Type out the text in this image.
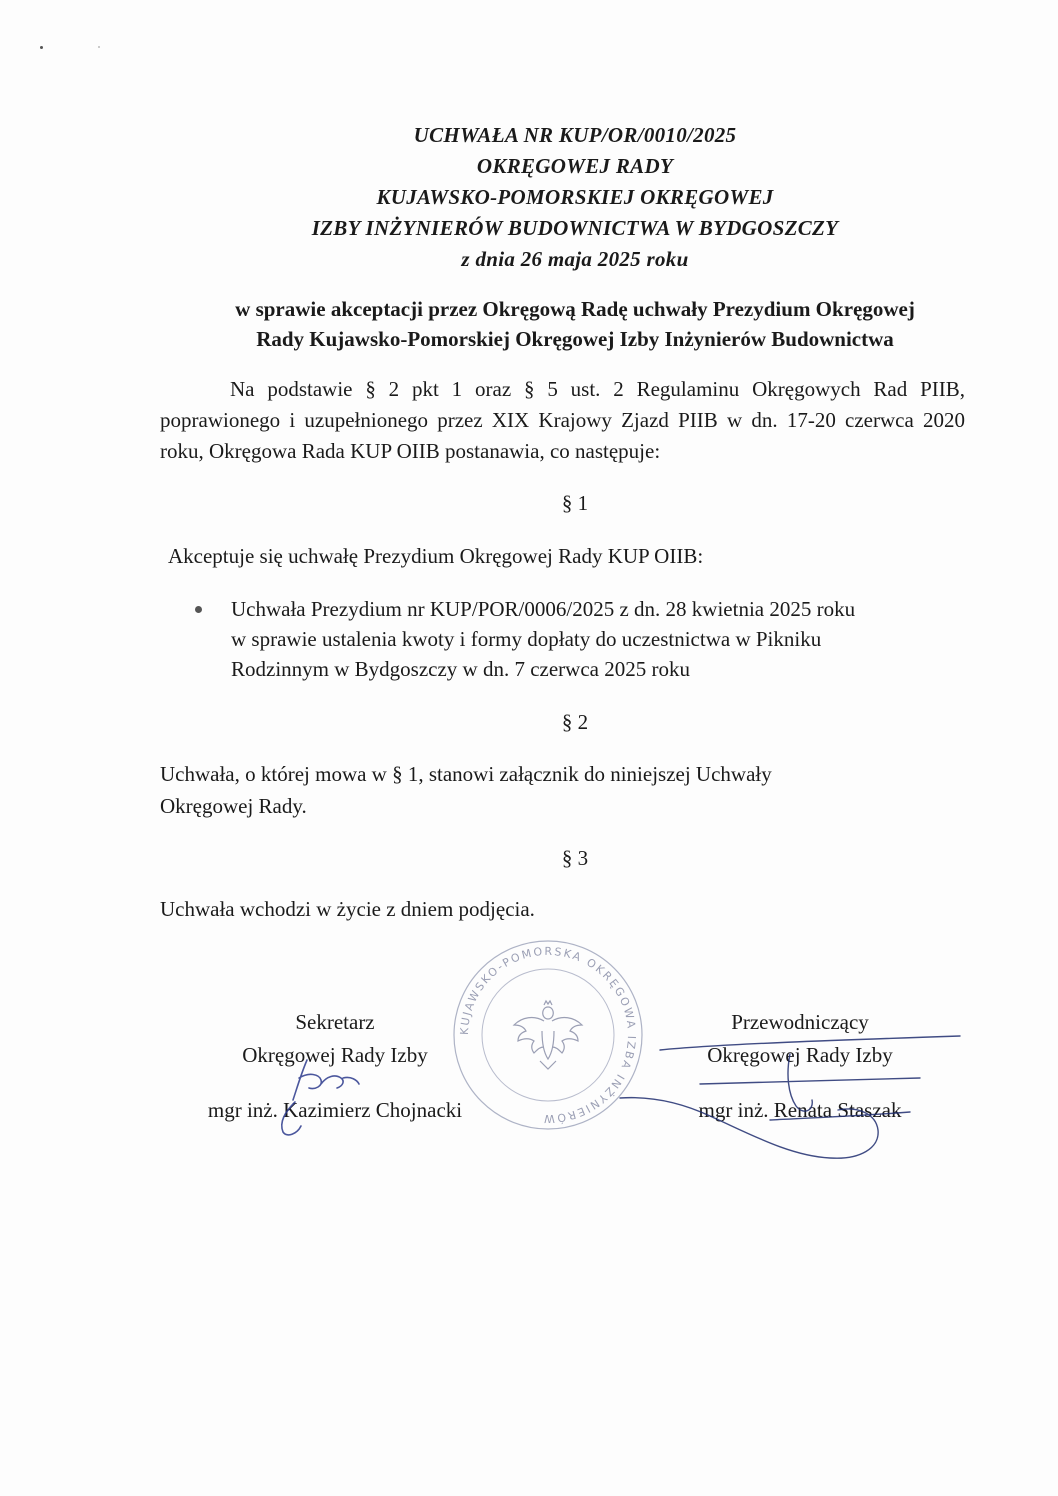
UCHWAŁA NR KUP/OR/0010/2025
OKRĘGOWEJ RADY
KUJAWSKO-POMORSKIEJ OKRĘGOWEJ
IZBY INŻYNIERÓW BUDOWNICTWA W BYDGOSZCZY
z dnia 26 maja 2025 roku
w sprawie akceptacji przez Okręgową Radę uchwały Prezydium Okręgowej
Rady Kujawsko-Pomorskiej Okręgowej Izby Inżynierów Budownictwa
Na podstawie § 2 pkt 1 oraz § 5 ust. 2 Regulaminu Okręgowych Rad PIIB, poprawionego i uzupełnionego przez XIX Krajowy Zjazd PIIB w dn. 17-20 czerwca 2020 roku, Okręgowa Rada KUP OIIB postanawia, co następuje:
§ 1
Akceptuje się uchwałę Prezydium Okręgowej Rady KUP OIIB:
Uchwała Prezydium nr KUP/POR/0006/2025 z dn. 28 kwietnia 2025 roku
w sprawie ustalenia kwoty i formy dopłaty do uczestnictwa w Pikniku
Rodzinnym w Bydgoszczy w dn. 7 czerwca 2025 roku
§ 2
Uchwała, o której mowa w § 1, stanowi załącznik do niniejszej Uchwały
Okręgowej Rady.
§ 3
Uchwała wchodzi w życie z dniem podjęcia.
KUJAWSKO-POMORSKA OKRĘGOWA IZBA INŻYNIERÓW
Sekretarz
Okręgowej Rady Izby
mgr inż. Kazimierz Chojnacki
Przewodniczący
Okręgowej Rady Izby
mgr inż. Renata Staszak
